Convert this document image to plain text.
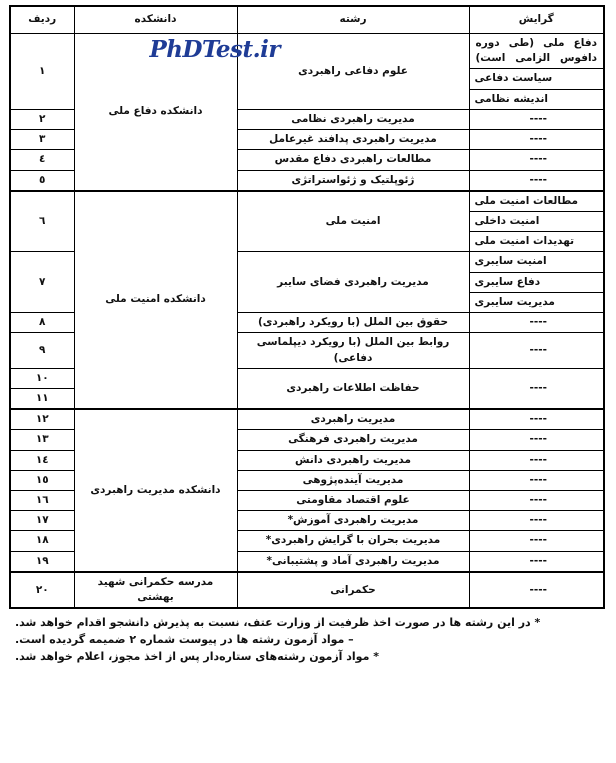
PhDTest.ir
گرایش	رشته	دانشکده	ردیف
دفاع ملی (طی دوره دافوس الزامی است)	علوم دفاعی راهبردی	دانشکده دفاع ملی	١
سیاست دفاعی			
اندیشه نظامی			
----	مدیریت راهبردی نظامی		٢
----	مدیریت راهبردی پدافند غیرعامل		٣
----	مطالعات راهبردی دفاع مقدس		٤
----	ژئوپلتیک و ژئواستراتژی		٥
مطالعات امنیت ملی	امنیت ملی	دانشکده امنیت ملی	٦
امنیت داخلی			
تهدیدات امنیت ملی			
امنیت سایبری	مدیریت راهبردی فضای سایبر		٧
دفاع سایبری			
مدیریت سایبری			
----	حقوق بین الملل (با رویکرد راهبردی)		٨
----	روابط بین الملل (با رویکرد دیپلماسی دفاعی)		٩
----	حفاظت اطلاعات راهبردی		١٠
			١١
----	مدیریت راهبردی	دانشکده مدیریت راهبردی	١٢
----	مدیریت راهبردی فرهنگی		١٣
----	مدیریت راهبردی دانش		١٤
----	مدیریت آینده‌پژوهی		١٥
----	علوم اقتصاد مقاومتی		١٦
----	مدیریت راهبردی آموزش*		١٧
----	مدیریت بحران با گرایش راهبردی*		١٨
----	مدیریت راهبردی آماد و پشتیبانی*		١٩
----	حکمرانی	مدرسه حکمرانی شهید بهشتی	٢٠
* در این رشته ها در صورت اخذ ظرفیت از وزارت عتف، نسبت به پذیرش دانشجو اقدام خواهد شد.
– مواد آزمون رشته ها در پیوست شماره ٢ ضمیمه گردیده است.
* مواد آزمون رشته‌های ستاره‌دار پس از اخذ مجوز، اعلام خواهد شد.
